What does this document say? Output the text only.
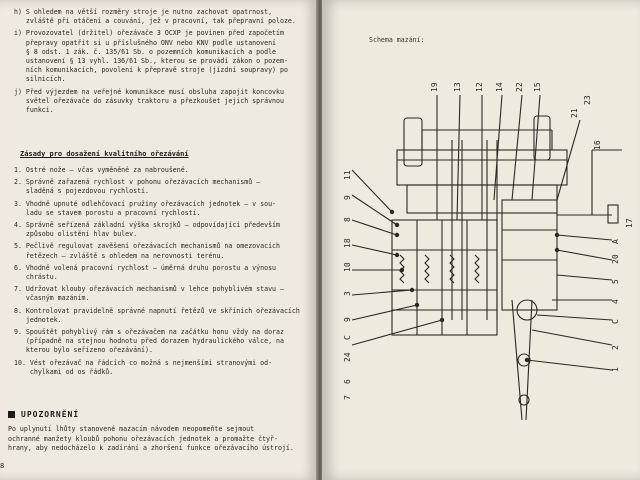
h) S ohledem na větší rozměry stroje je nutno zachovat opatrnost,
zvláště při otáčení a couvání, jež v pracovní, tak přepravní poloze.
i) Provozovatel (držitel) ořezávače 3 OCXP je povinen před započetím
přepravy opatřit si u příslušného ONV nebo KNV podle ustanovení
§ 8 odst. 1 zák. č. 135/61 Sb. o pozemních komunikacích a podle
ustanovení § 13 vyhl. 136/61 Sb., kterou se provádí zákon o pozem-
ních komunikacích, povolení k přepravě stroje (jízdní soupravy) po
silnicích.
j) Před výjezdem na veřejné komunikace musí obsluha zapojit koncovku
světel ořezávače do zásuvky traktoru a přezkoušet jejich správnou
funkci.
Zásady pro dosažení kvalitního ořezávání
1. Ostré nože — včas vyměněné za nabroušené.
2. Správně zařazená rychlost v pohonu ořezávacích mechanismů —
sladěná s pojezdovou rychlostí.
3. Vhodně upnuté odlehčovací pružiny ořezávacích jednotek — v sou-
ladu se stavem porostu a pracovní rychlostí.
4. Správně seřízená základní výška skrojků — odpovídající především
způsobu olistění hlav bulev.
5. Pečlivě regulovat zavěšení ořezávacích mechanismů na omezovacích
řetězech — zvláště s ohledem na nerovnosti terénu.
6. Vhodně volená pracovní rychlost — úměrná druhu porostu a výnosu
chrástu.
7. Udržovat klouby ořezávacích mechanismů v lehce pohyblivém stavu —
včasným mazáním.
8. Kontrolovat pravidelně správné napnutí řetězů ve skříních ořezávacích
jednotek.
9. Spouštět pohyblivý rám s ořezávačem na začátku honu vždy na doraz
(případně na stejnou hodnotu před dorazem hydraulického válce, na
kterou bylo seřízeno ořezávání).
10. Vést ořezávač na řádcích co možná s nejmenšími stranovými od-
chylkami od os řádků.
UPOZORNĚNÍ
Po uplynutí lhůty stanovené mazacím návodem neopomeňte sejmout
ochranné manžety kloubů pohonu ořezávacích jednotek a promažte čtyř-
hrany, aby nedocházelo k zadírání a zhoršení funkce ořezávacího ústrojí.
8
Schema mazání:
19 13 12 14 22 15
21
23
11
9
8
18
10
3
9
C
24
6
7
16
A
20
5
4
C
2
1
17
